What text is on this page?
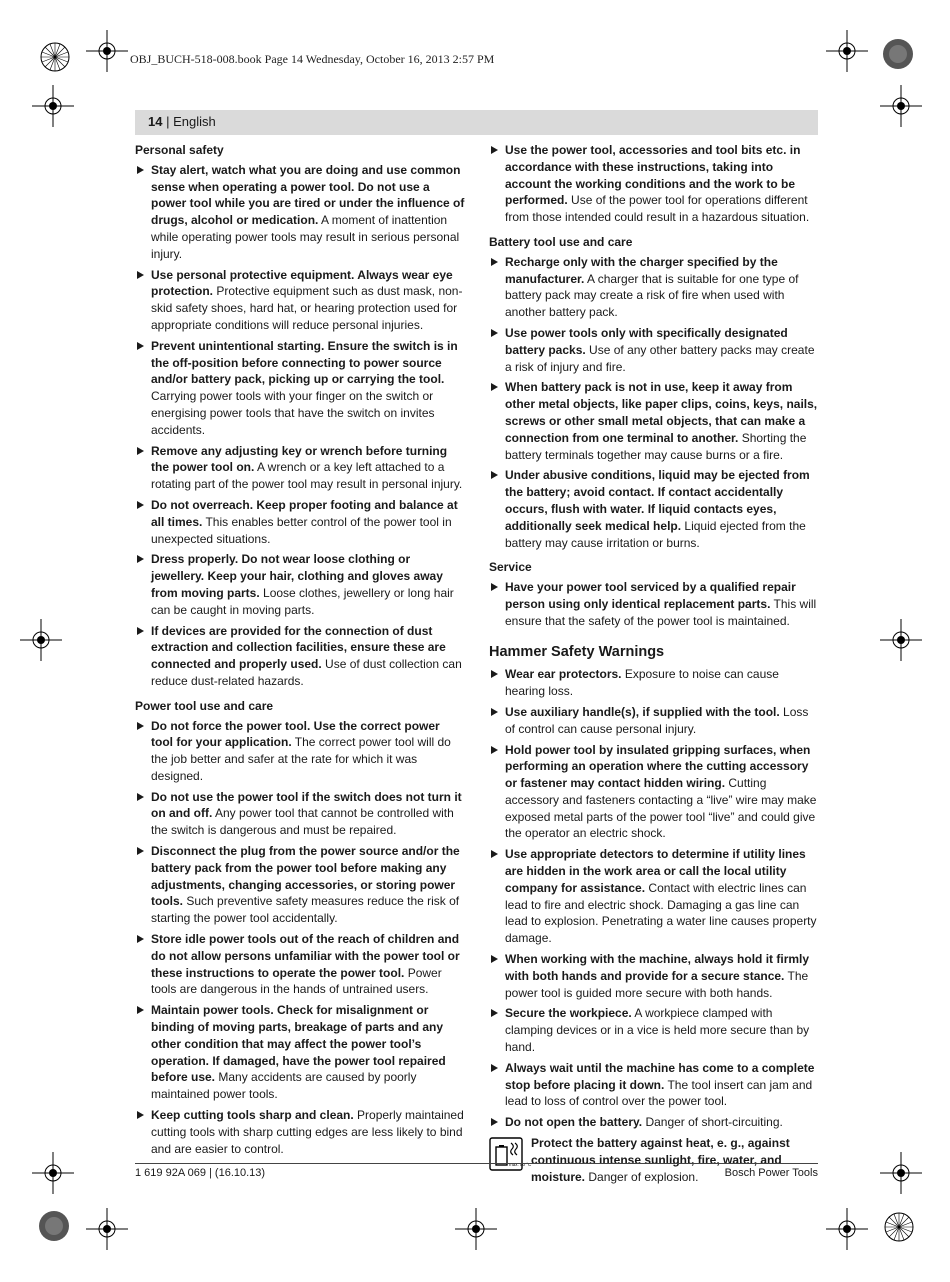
OBJ_BUCH-518-008.book Page 14 Wednesday, October 16, 2013 2:57 PM
14 | English
Personal safety
Stay alert, watch what you are doing and use common sense when operating a power tool. Do not use a power tool while you are tired or under the influence of drugs, alcohol or medication. A moment of inattention while operating power tools may result in serious personal injury.
Use personal protective equipment. Always wear eye protection. Protective equipment such as dust mask, non-skid safety shoes, hard hat, or hearing protection used for appropriate conditions will reduce personal injuries.
Prevent unintentional starting. Ensure the switch is in the off-position before connecting to power source and/or battery pack, picking up or carrying the tool. Carrying power tools with your finger on the switch or energising power tools that have the switch on invites accidents.
Remove any adjusting key or wrench before turning the power tool on. A wrench or a key left attached to a rotating part of the power tool may result in personal injury.
Do not overreach. Keep proper footing and balance at all times. This enables better control of the power tool in unexpected situations.
Dress properly. Do not wear loose clothing or jewellery. Keep your hair, clothing and gloves away from moving parts. Loose clothes, jewellery or long hair can be caught in moving parts.
If devices are provided for the connection of dust extraction and collection facilities, ensure these are connected and properly used. Use of dust collection can reduce dust-related hazards.
Power tool use and care
Do not force the power tool. Use the correct power tool for your application. The correct power tool will do the job better and safer at the rate for which it was designed.
Do not use the power tool if the switch does not turn it on and off. Any power tool that cannot be controlled with the switch is dangerous and must be repaired.
Disconnect the plug from the power source and/or the battery pack from the power tool before making any adjustments, changing accessories, or storing power tools. Such preventive safety measures reduce the risk of starting the power tool accidentally.
Store idle power tools out of the reach of children and do not allow persons unfamiliar with the power tool or these instructions to operate the power tool. Power tools are dangerous in the hands of untrained users.
Maintain power tools. Check for misalignment or binding of moving parts, breakage of parts and any other condition that may affect the power tool’s operation. If damaged, have the power tool repaired before use. Many accidents are caused by poorly maintained power tools.
Keep cutting tools sharp and clean. Properly maintained cutting tools with sharp cutting edges are less likely to bind and are easier to control.
Use the power tool, accessories and tool bits etc. in accordance with these instructions, taking into account the working conditions and the work to be performed. Use of the power tool for operations different from those intended could result in a hazardous situation.
Battery tool use and care
Recharge only with the charger specified by the manufacturer. A charger that is suitable for one type of battery pack may create a risk of fire when used with another battery pack.
Use power tools only with specifically designated battery packs. Use of any other battery packs may create a risk of injury and fire.
When battery pack is not in use, keep it away from other metal objects, like paper clips, coins, keys, nails, screws or other small metal objects, that can make a connection from one terminal to another. Shorting the battery terminals together may cause burns or a fire.
Under abusive conditions, liquid may be ejected from the battery; avoid contact. If contact accidentally occurs, flush with water. If liquid contacts eyes, additionally seek medical help. Liquid ejected from the battery may cause irritation or burns.
Service
Have your power tool serviced by a qualified repair person using only identical replacement parts. This will ensure that the safety of the power tool is maintained.
Hammer Safety Warnings
Wear ear protectors. Exposure to noise can cause hearing loss.
Use auxiliary handle(s), if supplied with the tool. Loss of control can cause personal injury.
Hold power tool by insulated gripping surfaces, when performing an operation where the cutting accessory or fastener may contact hidden wiring. Cutting accessory and fasteners contacting a “live” wire may make exposed metal parts of the power tool “live” and could give the operator an electric shock.
Use appropriate detectors to determine if utility lines are hidden in the work area or call the local utility company for assistance. Contact with electric lines can lead to fire and electric shock. Damaging a gas line can lead to explosion. Penetrating a water line causes property damage.
When working with the machine, always hold it firmly with both hands and provide for a secure stance. The power tool is guided more secure with both hands.
Secure the workpiece. A workpiece clamped with clamping devices or in a vice is held more secure than by hand.
Always wait until the machine has come to a complete stop before placing it down. The tool insert can jam and lead to loss of control over the power tool.
Do not open the battery. Danger of short-circuiting.
max. 50 °C
Protect the battery against heat, e. g., against continuous intense sunlight, fire, water, and moisture. Danger of explosion.
1 619 92A 069 | (16.10.13)	Bosch Power Tools
